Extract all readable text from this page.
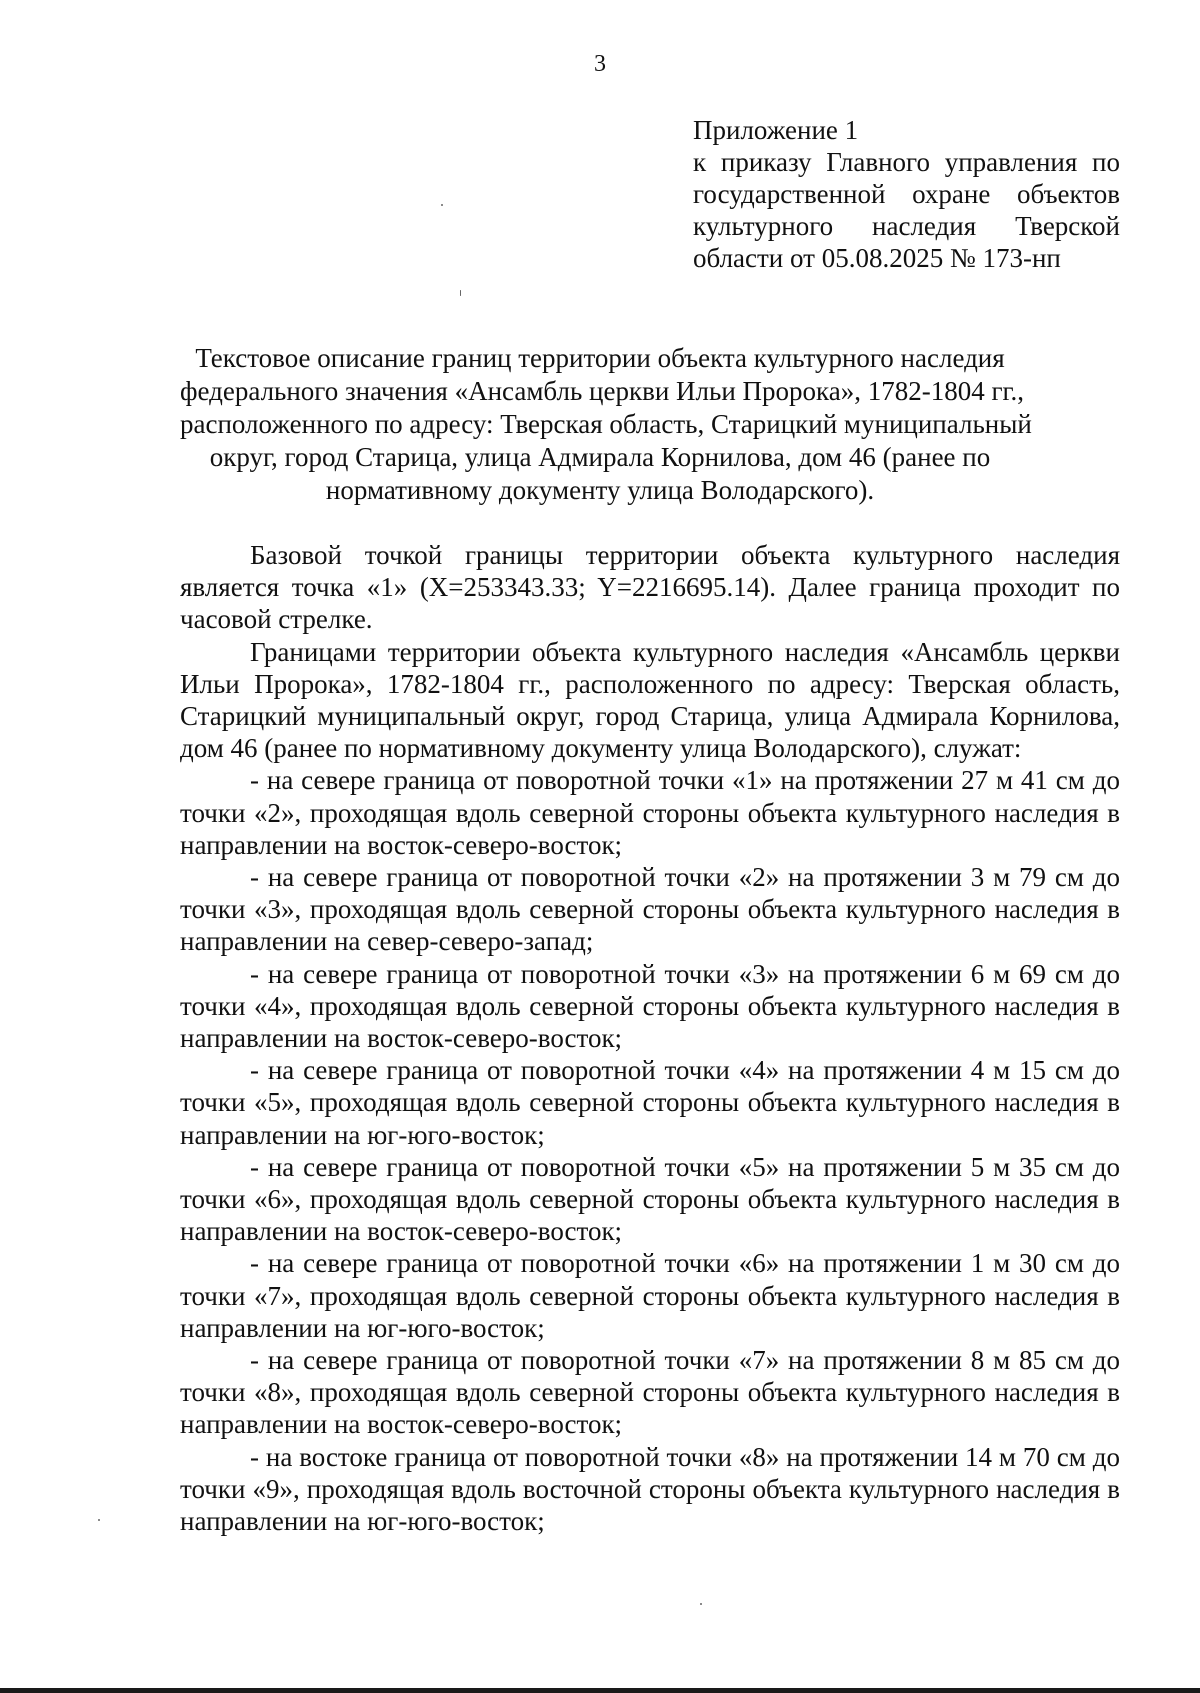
3
Приложение 1
к приказу Главного управления по
государственной охране объектов
культурного наследия Тверской
области от 05.08.2025 № 173-нп
Текстовое описание границ территории объекта культурного наследия
федерального значения «Ансамбль церкви Ильи Пророка», 1782-1804 гг.,
расположенного по адресу: Тверская область, Старицкий муниципальный
округ, город Старица, улица Адмирала Корнилова, дом 46 (ранее по
нормативному документу улица Володарского).

Базовой точкой границы территории объекта культурного наследия является точка «1» (X=253343.33; Y=2216695.14). Далее граница проходит по часовой стрелке.

Границами территории объекта культурного наследия «Ансамбль церкви Ильи Пророка», 1782-1804 гг., расположенного по адресу: Тверская область, Старицкий муниципальный округ, город Старица, улица Адмирала Корнилова, дом 46 (ранее по нормативному документу улица Володарского), служат:

- на севере граница от поворотной точки «1» на протяжении 27 м 41 см до точки «2», проходящая вдоль северной стороны объекта культурного наследия в направлении на восток-северо-восток;

- на севере граница от поворотной точки «2» на протяжении 3 м 79 см до точки «3», проходящая вдоль северной стороны объекта культурного наследия в направлении на север-северо-запад;

- на севере граница от поворотной точки «3» на протяжении 6 м 69 см до точки «4», проходящая вдоль северной стороны объекта культурного наследия в направлении на восток-северо-восток;

- на севере граница от поворотной точки «4» на протяжении 4 м 15 см до точки «5», проходящая вдоль северной стороны объекта культурного наследия в направлении на юг-юго-восток;

- на севере граница от поворотной точки «5» на протяжении 5 м 35 см до точки «6», проходящая вдоль северной стороны объекта культурного наследия в направлении на восток-северо-восток;

- на севере граница от поворотной точки «6» на протяжении 1 м 30 см до точки «7», проходящая вдоль северной стороны объекта культурного наследия в направлении на юг-юго-восток;

- на севере граница от поворотной точки «7» на протяжении 8 м 85 см до точки «8», проходящая вдоль северной стороны объекта культурного наследия в направлении на восток-северо-восток;

- на востоке граница от поворотной точки «8» на протяжении 14 м 70 см до точки «9», проходящая вдоль восточной стороны объекта культурного наследия в направлении на юг-юго-восток;
